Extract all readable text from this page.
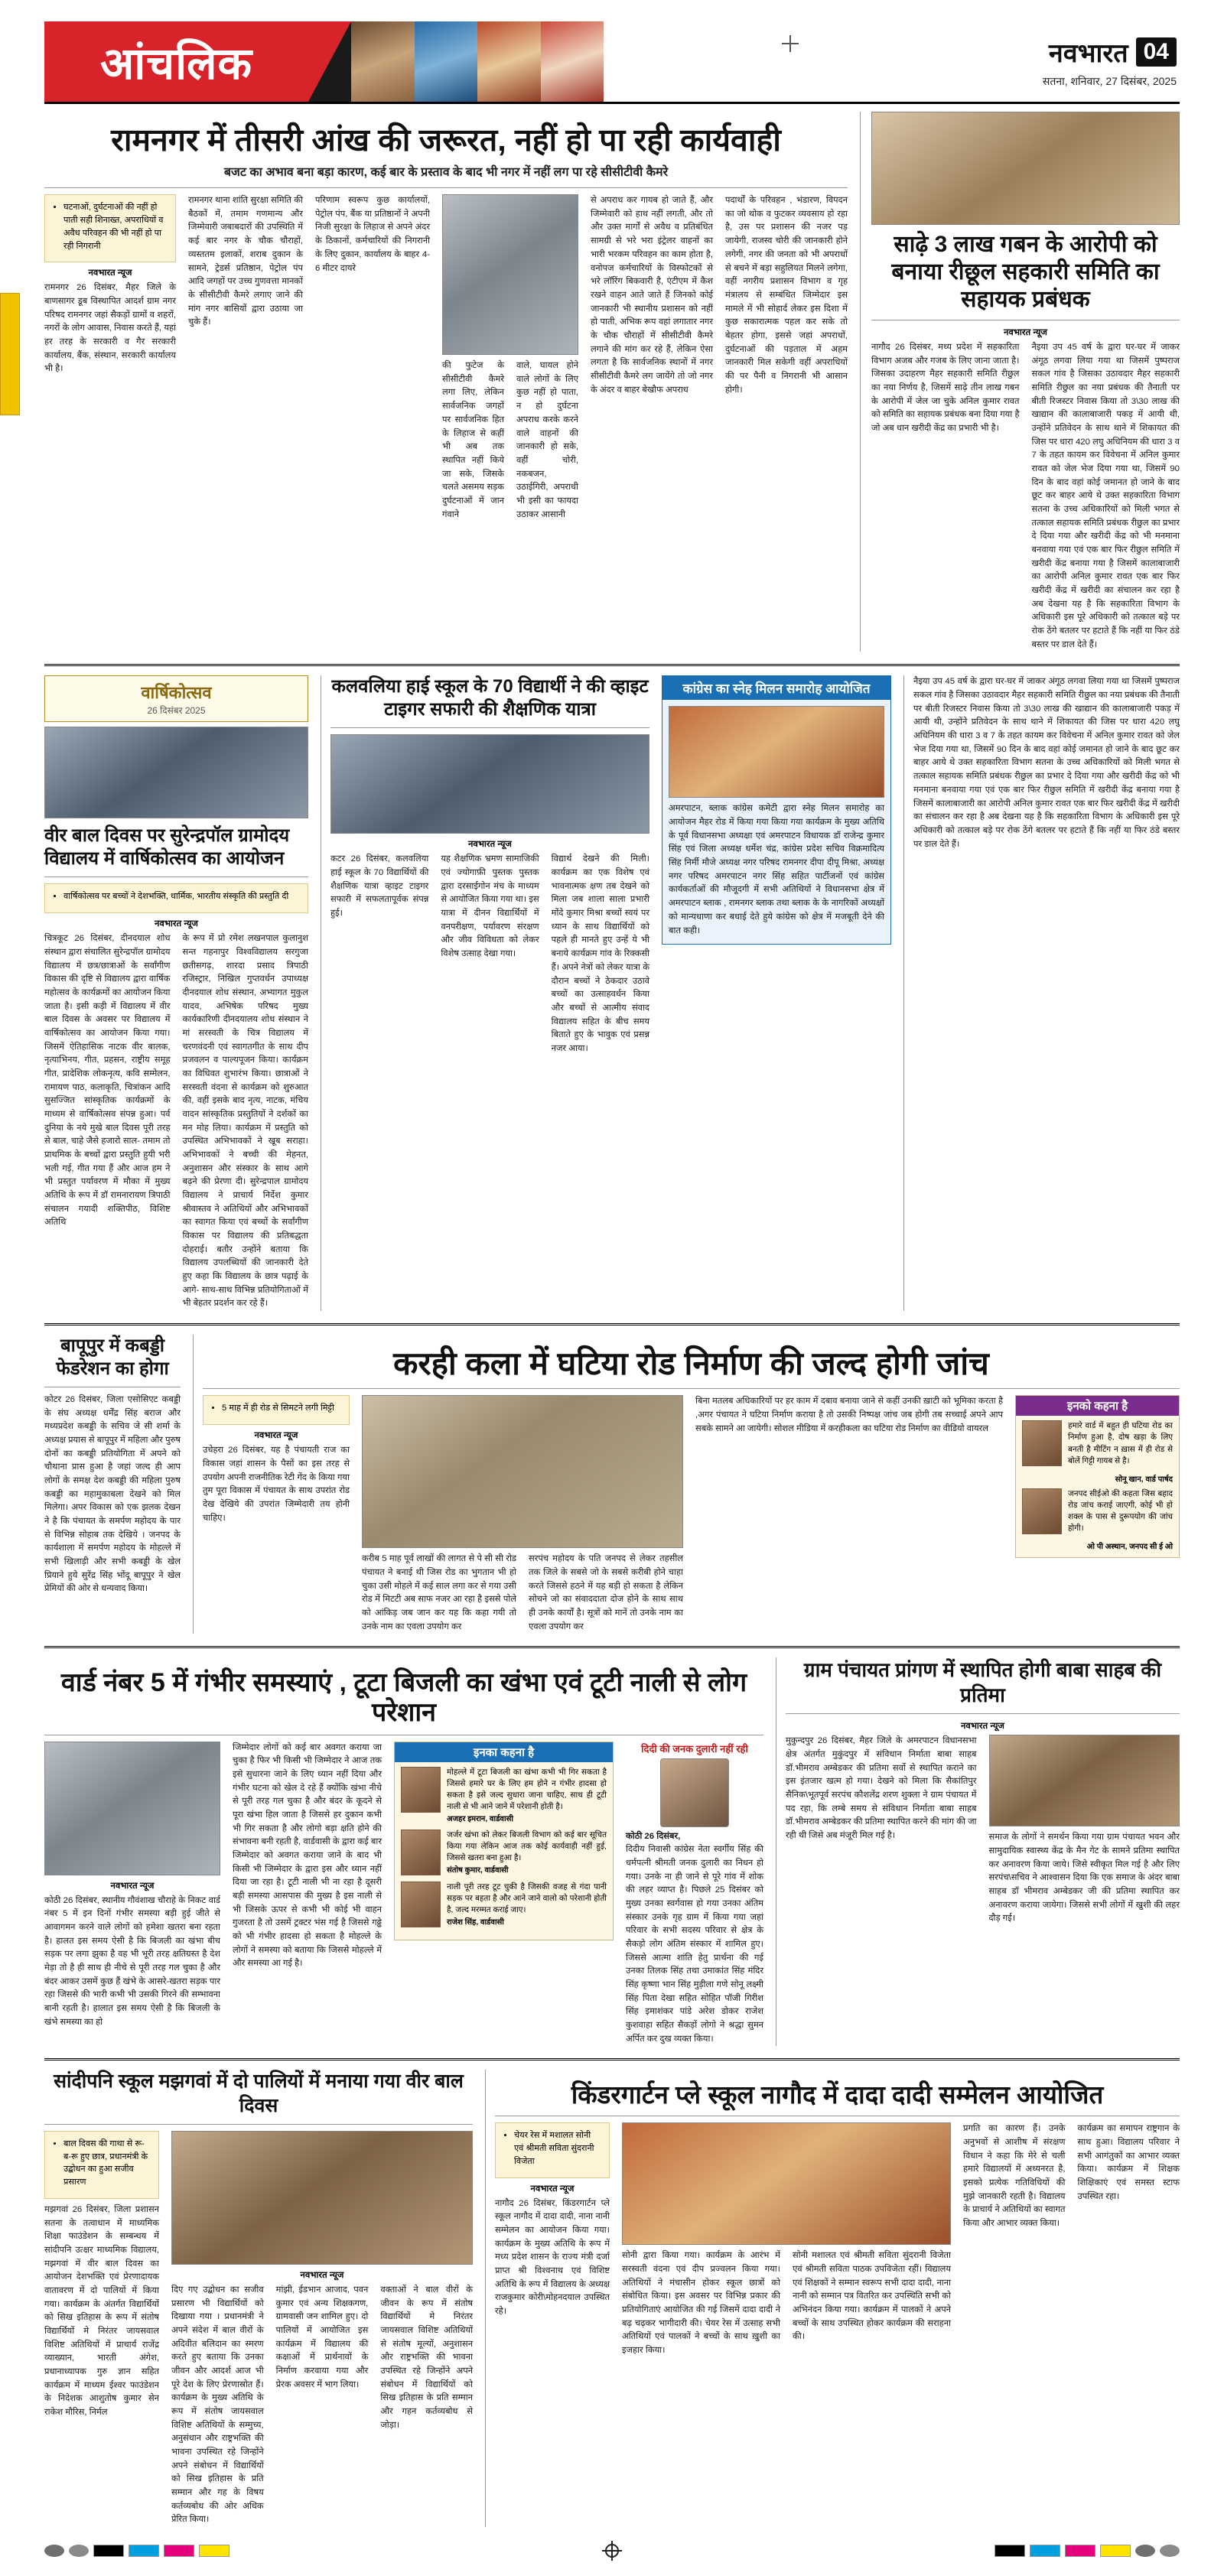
आंचलिक	नवभारत 04
सतना, शनिवार, 27 दिसंबर, 2025
रामनगर में तीसरी आंख की जरूरत, नहीं हो पा रही कार्यवाही
बजट का अभाव बना बड़ा कारण, कई बार के प्रस्ताव के बाद भी नगर में नहीं लग पा रहे सीसीटीवी कैमरे
• घटनाओं, दुर्घटनाओं की नहीं हो पाती सही शिनाख्त, अपराधियों व अवैध परिवहन की भी नहीं हो पा रही निगरानी
नवभारत न्यूज
रामनगर 26 दिसंबर, मैहर जिले के बाणसागर डूब विस्थापित आदर्श ग्राम नगर परिषद रामनगर जहां सैकड़ों ग्रामों व शहरों, नगरों के लोग आवास, निवास करते हैं, यहां हर तरह के सरकारी व गैर सरकारी कार्यालय, बैंक, संस्थान, सरकारी कार्यालय भी है।
रामनगर थाना शांति सुरक्षा समिति की बैठकों में, तमाम गणमान्य और जिम्मेवारी जबाबदारों की उपस्थिति में कई बार नगर के चौक चौराहों, व्यस्ततम इलाकों, शराब दुकान के सामने, ट्रेडर्स प्रतिष्ठान, पेट्रोल पंप आदि जगहों पर उच्च गुणवत्ता मानकों के सीसीटीवी कैमरे लगाए जाने की मांग नगर बासियों द्वारा उठाया जा चुके हैं।
परिणाम स्वरूप कुछ कार्यालयों, पेट्रोल पंप, बैंक या प्रतिष्ठानों ने अपनी निजी सुरक्षा के लिहाज से अपने अंदर के ठिकानों, कर्मचारियों की निगरानी के लिए दुकान, कार्यालय के बाहर 4-6 मीटर दायरे
की फुटेज के सीसीटीवी कैमरे लगा लिए, लेकिन सार्वजनिक जगहों पर सार्वजनिक हित के लिहाज से कहीं भी अब तक स्थापित नहीं किये जा सके, जिसके चलते असमय सड़क दुर्घटनाओं में जान गंवाने
वाले, घायल होने वाले लोगों के लिए कुछ नहीं हो पाता, न हो दुर्घटना अपराध करके करने वाले वाहनों की जानकारी हो सके, वहीं चोरी, नकबजन, उठाईगिरी, अपराधी भी इसी का फायदा उठाकर आसानी
से अपराध कर गायब हो जाते हैं, और जिम्मेवारी को हाथ नहीं लगती, और तो और उक्त मार्गों से अवैध व प्रतिबंधित सामग्री से भरे भरा इंट्रेलर वाहनों का भारी भरकम परिवहन का काम होता है, वनोपज कर्मचारियों के विस्फोटकों से भरे लाॅरिंग बिकवारी है, एंटीएम में कैश रखने वाहन आते जाते हैं जिनको कोई जानकारी भी स्थानीय प्रशासन को नहीं हो पाती, अभिक रूप वहां लगातार नगर के चौक चौराहों में सीसीटीवी कैमरे लगाने की मांग कर रहे हैं, लेकिन ऐसा लगता है कि सार्वजनिक स्थानों में नगर सीसीटीवी कैमरे लग जायेंगे तो जो नगर के अंदर व बाहर बेखौफ अपराध
पदार्थों के परिवहन , भंडारण, विपदन का जो थोक व फुटकर व्यवसाय हो रहा है, उस पर प्रशासन की नजर पड़ जायेगी, राजस्व चोरी की जानकारी होने लगेगी, नगर की जनता को भी अपराधों से बचने में बड़ा सहुलियत मिलने लगेगा, वहीं नगरीय प्रशासन विभाग व गृह मंत्रालय से सम्बंधित जिम्मेदार इस मामले में भी सोहार्द लेकर इस दिशा में कुछ सकारात्मक पहल कर सके तो बेहतर होगा, इससे जहां अपराधों, दुर्घटनाओं की पड़ताल में अहम जानकारी मिल सकेगी वहीं अपराधियों की पर पैनी व निगरानी भी आसान होगी।
साढ़े 3 लाख गबन के आरोपी को बनाया रीछूल सहकारी समिति का सहायक प्रबंधक
नवभारत न्यूज
नागौद 26 दिसंबर, मध्य प्रदेश में सहकारिता विभाग अजब और गजब के लिए जाना जाता है। जिसका उदाहरण मैहर सहकारी समिति रीछुल का नया निर्णय है, जिसमें साढ़े तीन लाख गबन के आरोपी में जेल जा चुके अनिल कुमार रावत को समिति का सहायक प्रबंधक बना दिया गया है जो अब धान खरीदी केंद्र का प्रभारी भी है।
नैइया उप 45 वर्ष के द्वारा घर-घर में जाकर अंगूठ लगवा लिया गया था जिसमें पुष्पराज सकल गांव है जिसका उठावदार मैहर सहकारी समिति रीछुल का नया प्रबंधक की तैनाती पर बीती रिजस्टर निवास किया तो 3\30 लाख की खाद्यान की कालाबाजारी पकड़ में आयी थी, उन्होंने प्रतिवेदन के साथ थाने में शिकायत की जिस पर धारा 420 लघु अधिनियम की धारा 3 व 7 के तहत कायम कर विवेचना में अनिल कुमार रावत को जेल भेज दिया गया था, जिसमें 90 दिन के बाद वहां कोई जमानत हो जाने के बाद छूट कर बाहर आये थे उक्त सहकारिता विभाग सतना के उच्च अधिकारियों को मिली भगत से तत्काल सहायक समिति प्रबंधक रीछुल का प्रभार दे दिया गया और खरीदी केंद्र को भी मनमाना बनवाया गया एवं एक बार फिर रीछुल समिति में खरीदी केंद्र बनाया गया है जिसमें कालाबाजारी का आरोपी अनिल कुमार रावत एक बार फिर खरीदी केंद्र में खरीदी का संचालन कर रहा है अब देखना यह है कि सहकारिता विभाग के अधिकारी इस पूरे अधिकारी को तत्काल बड़े पर रोक ठेंगे बतलर पर हटाते हैं कि नहीं या फिर ठंडे बस्तर पर डाल देते हैं।
वार्षिकोत्सव
26 दिसंबर 2025
वीर बाल दिवस पर सुरेन्द्रपॉल ग्रामोदय विद्यालय में वार्षिकोत्सव का आयोजन
• वार्षिकोत्सव पर बच्चों ने देशभक्ति, धार्मिक, भारतीय संस्कृति की प्रस्तुति दी
नवभारत न्यूज
चित्रकूट 26 दिसंबर, दीनदयाल शोध संस्थान द्वारा संचालित सुरेन्द्रपॉल ग्रामोदय विद्यालय में छत्र/छात्राओं के सर्वांगीण विकास की दृष्टि से विद्यालय द्वारा वार्षिक महोत्सव के कार्यक्रमों का आयोजन किया जाता है। इसी कड़ी में विद्यालय में वीर बाल दिवस के अवसर पर विद्यालय में वार्षिकोत्सव का आयोजन किया गया। जिसमें ऐतिहासिक नाटक वीर बालक, नृत्याभिनय, गीत, प्रहसन, राष्ट्रीय समूह गीत, प्रादेशिक लोकनृत्य, कवि सम्मेलन, रामायण पाठ, कलाकृति, चित्रांकन आदि सुसज्जित सांस्कृतिक कार्यक्रमों के माध्यम से वार्षिकोत्सव संपन्न हुआ। पर्व दुनिया के नये मुखे बाल दिवस पूरी तरह से बाल, चाहे जैसे हजारो साल- तमाम तो प्राथमिक के बच्चों द्वारा प्रस्तुति हुयी भरी भली गई, गीत गया हैं और आज हम ने भी प्रस्तुत पर्यावरण में मौका में मुख्य अतिथि के रूप में डॉ रामनारायण त्रिपाठी संचालन गयादी शक्तिपीठ, विशिष्ट अतिथि
के रूप में प्रो रमेश लखनपाल कुलानुश सन्त गहनापुर विश्वविद्यालय सरगुजा छतीसगढ़, शारदा प्रसाद त्रिपाठी रजिस्ट्रार, निखिल गुप्तवर्धन उपाध्यक्ष दीनदयाल शोध संस्थान, अभ्यागत मुकुल यादव, अभिषेक परिषद मुख्य कार्यकारिणी दीनदयालय शोध संस्थान ने मां सरस्वती के चित्र विद्यालय में चरणवंदनी एवं स्वागतगीत के साथ दीप प्रजवलन व पाल्यपूजन किया। कार्यक्रम का विधिवत शुभारंभ किया। छात्राओं ने सरस्वती वंदना से कार्यक्रम को शुरुआत की, वहीं इसके बाद नृत्य, नाटक, मंचिय वादन सांस्कृतिक प्रस्तुतियों ने दर्शकों का मन मोह लिया। कार्यक्रम में प्रस्तुति को उपस्थित अभिभावकों ने खूब सराहा। अभिभावकों ने बच्ची की मेहनत, अनुशासन और संस्कार के साथ आगे बढ़ने की प्रेरणा दी। सुरेन्द्रपाल ग्रामोदय विद्यालय ने प्राचार्य निर्देश कुमार श्रीवास्तव ने अतिथियों और अभिभावकों का स्वागत किया एवं बच्चों के सर्वांगीण विकास पर विद्यालय की प्रतिबद्धता दोहराई। बतौर उन्होंने बताया कि विद्यालय उपलब्धियों की जानकारी देते हुए कहा कि विद्यालय के छात्र पढ़ाई के आगे- साथ-साथ विभिन्न प्रतियोगिताओं में भी बेहतर प्रदर्शन कर रहे हैं।
कलवलिया हाई स्कूल के 70 विद्यार्थी ने की व्हाइट टाइगर सफारी की शैक्षणिक यात्रा
नवभारत न्यूज
कटर 26 दिसंबर, कलवलिया हाई स्कूल के 70 विद्यार्थियों की शैक्षणिक यात्रा व्हाइट टाइगर सफारी में सफलतापूर्वक संपन्न हुई।
यह शैक्षणिक भ्रमण सामाजिकी एवं ज्योगाफ़ी पुस्तक पुस्तक द्वारा दरसाईगोन मंच के माध्यम से आयोजित किया गया था। इस यात्रा में दीनन विद्यार्थियों में वनपरीक्षण, पर्यावरण संरक्षण और जीव विविधता को लेकर विशेष उत्साह देखा गया।
विद्यार्थ देखने की मिली। कार्यक्रम का एक विशेष एवं भावनात्मक क्षण तब देखने को मिला जब शाला साला प्रभारी मोंदे कुमार मिश्रा बच्चों स्वयं पर ध्यान के साथ विद्यार्थियों को पहले ही मानते हुए उन्हें ये भी बनाये कार्यक्रम गांव के रिक्कसी हैं। अपने नेत्रों को लेकर यात्रा के दौरान बच्चों ने ठेकदार उठावे बच्चों का उत्साहवर्धन किया और बच्चों से आत्मीय संवाद विद्यालय सहित के बीच समय बिताते हुए के भावुक एवं प्रसन्न नजर आया।
कांग्रेस का स्नेह मिलन समारोह आयोजित
अमरपाटन, ब्लाक कांग्रेस कमेटी द्वारा स्नेह मिलन समारोह का आयोजन मैहर रोड में किया गया किया गया कार्यक्रम के मुख्य अतिथि के पूर्व विधानसभा अध्यक्षा एवं अमरपाटन विधायक डॉ राजेन्द्र कुमार सिंह एवं जिला अध्यक्ष धर्मेश चंद्र, कांग्रेस प्रदेश सचिव विक्रमादित्य सिंह निर्मी मौजे अध्यक्ष नगर परिषद रामनगर दीपा दीपू मिश्रा, अध्यक्ष नगर परिषद अमरपाटन नगर सिंह सहित पार्टीजनों एवं कांग्रेस कार्यकर्ताओं की मौजूदगी में सभी अतिथियों ने विधानसभा क्षेत्र में अमरपाटन ब्लाक , रामनगर ब्लाक तथा ब्लाक के के नागरिकों अध्यक्षों को मान्यधाणा कर बधाई देते हुये कांग्रेस को क्षेत्र में मजबूती देने की बात कही।
नैइया उप 45 वर्ष के द्वारा घर-घर में जाकर अंगूठ लगवा लिया गया था जिसमें पुष्पराज सकल गांव है जिसका उठावदार मैहर सहकारी समिति रीछुल का नया प्रबंधक की तैनाती पर बीती रिजस्टर निवास किया तो 3\30 लाख की खाद्यान की कालाबाजारी पकड़ में आयी थी, उन्होंने प्रतिवेदन के साथ थाने में शिकायत की जिस पर धारा 420 लघु अधिनियम की धारा 3 व 7 के तहत कायम कर विवेचना में अनिल कुमार रावत को जेल भेज दिया गया था, जिसमें 90 दिन के बाद वहां कोई जमानत हो जाने के बाद छूट कर बाहर आये थे उक्त सहकारिता विभाग सतना के उच्च अधिकारियों को मिली भगत से तत्काल सहायक समिति प्रबंधक रीछुल का प्रभार दे दिया गया और खरीदी केंद्र को भी मनमाना बनवाया गया एवं एक बार फिर रीछुल समिति में खरीदी केंद्र बनाया गया है जिसमें कालाबाजारी का आरोपी अनिल कुमार रावत एक बार फिर खरीदी केंद्र में खरीदी का संचालन कर रहा है अब देखना यह है कि सहकारिता विभाग के अधिकारी इस पूरे अधिकारी को तत्काल बड़े पर रोक ठेंगे बतलर पर हटाते हैं कि नहीं या फिर ठंडे बस्तर पर डाल देते हैं।
बापूपुर में कबड्डी फेडरेशन का होगा
कोटर 26 दिसंबर, जिला एसोसिएट कबड्डी के संघ अध्यक्ष धर्मेंद्र सिंह बराज और मध्यप्रदेश कबड्डी के सचिव जे सी शर्मा के अध्यक्ष प्रयास से बापूपुर में महिला और पुरुष दोनों का कबड्डी प्रतियोगिता में अपने को चौथाना प्रास हुआ है जहां जल्द ही आप लोगों के समक्ष देश कबड्डी की महिला पुरुष कबड्डी का महामुकाबला देखने को मिल मिलेगा। अपर विकास को एक झलक देखन ने है कि पंचायत के समर्पण महोदय के पार से विभिन्न सोहाब तक देखिये । जनपद के कार्यशाला में समर्पण महोदय के मोहल्ले में सभी खिलाड़ी और सभी कबड्डी के खेल प्रियाने हुये सुरेंद्र सिंह भोंदू बापूपुर ने खेल प्रेमियों की ओर से धन्यवाद किया।
करही कला में घटिया रोड निर्माण की जल्द होगी जांच
• 5 माह में ही रोड से सिमटने लगी मिट्टी
नवभारत न्यूज
उचेहरा 26 दिसंबर, यह है पंचायती राज का विकास जहां शासन के पैसों का इस तरह से उपयोग अपनी राजनीतिक रेटी गेंद के किया गया तुम पूरा विकास में पंचायत के साथ उपरांत रोड देख देखिये की उपरांत जिम्मेदारी तय होनी चाहिए।
करीब 5 माह पूर्व लाखों की लागत से पे सी सी रोड पंचायत ने बनाई थी जिस रोड का भुगतान भी हो चुका उसी मोहले में कई साल लगा कर से गया उसी रोड में मिटटी अब साफ नजर आ रहा है इससे पोले को आंकिड़ जब जान कर यह कि कहा गयी तो उनके नाम का एवला उपयोग कर
सरपंच महोदय के पति जनपद से लेकर तहसील तक जिले के सबसे जो के सबसे करीबी होने चाहा करते जिससे हठने में यह बड़ी हो सकता है लेकिन सोचने जो का संवाददाता दोज होने के साथ साथ ही उनके कार्यों है। सूत्रों को मानें तो उनके नाम का एवला उपयोग कर
बिना मतलब अधिकारियों पर हर काम में दबाव बनाया जाने से कहीं उनकी ख़ाटी को भूमिका करता है ,अगर पंचायत ने घटिया निर्माण कराया है तो उसकी निष्पक्ष जांच जब होगी तब सच्चाई अपने आप सबके सामने आ जायेगी। सोशल मीडिया में करहीकला का घटिया रोड निर्माण का वीडियो वायरल
इनको कहना है
हमारे वार्ड में बहुत ही घटिया रोड का निर्माण हुआ है, दोष खड़ा के लिए बनती है मीटिंग न ख़ास में ही रोड से बोलें गिट्टी गायब से है।
सोनू खान, वार्ड पार्षद
जनपद सीईओ की कहता जिस बहाद रोड जांच कराई जाएगी, कोई भी हो शक्ल के पास से दुरूपयोग की जांच होगी।
ओ पी अस्थान, जनपद सी ई ओ
वार्ड नंबर 5 में गंभीर समस्याएं , टूटा बिजली का खंभा एवं टूटी नाली से लोग परेशान
नवभारत न्यूज
कोठी 26 दिसंबर, स्थानीय गौवंशाख चौराहे के निकट वार्ड नंबर 5 में इन दिनों गंभीर समस्या बड़ी हुई जीते से आवागमन करने वाले लोगों को हमेशा खतरा बना रहता है। हालत इस समय ऐसी है कि बिजली का खंभा बीच सड़क पर लगा झुका है वह भी भूरी तरह क्षतिग्रस्त है देश मेड़ा तो है ही साथ ही नीचे से पूरी तरह गल चुका है और बंदर आकर उसमें कुछ हैं खंभे के आसरे-खतरा सड़क पार रहा जिससे की भारी कभी भी उसकी गिरने की सम्भावना बानी रहती है। हालात इस समय ऐसी है कि बिजली के खंभे समस्या का हो
जिम्मेदार लोगों को कई बार अवगत कराया जा चुका है फिर भी किसी भी जिम्मेदार ने आज तक इसे सुधारना जाने के लिए ध्यान नहीं दिया और गंभीर घटना को खेल दे रहे हैं क्योंकि खंभा नीचे से पूरी तरह गल चुका है और बंदर के कूदने से पूरा खंभा हिल जाता है जिससे हर दुकान कभी भी गिर सकता है और लोगो बड़ा क्षति होने की संभावना बनी रहती है, वार्डवासी के द्वारा कई बार जिम्मेदार को अवगत कराया जाने के बाद भी किसी भी जिम्मेदार के द्वारा इस और ध्यान नहीं दिया जा रहा है। टूटी नाली भी ना रहा है दूसरी बड़ी समस्या आसपास की मुख्य है इस नाली से भी जिसके ऊपर से कभी भी कोई भी वाहन गुजरता है तो उसमें ट्रक्टर भंस गई है जिससे गढ्ढे को भी गंभीर हादसा हो सकता है मोहल्ले के लोगों ने समस्या को बताया कि जिससे मोहल्ले में और समस्या आ गई है।
इनका कहना है
मोहल्ले में टूटा बिजली का खंभा कभी भी गिर सकता है जिससे हमारे घर के लिए हम होने न गंभीर हादसा हो सकता है इसे जल्द सुधारा जाना चाहिए, साथ ही टूटी नाली से भी आने जाने में परेशानी होती है।
अजहर इमरान, वार्डवासी
जर्जर खंभा को लेकर बिजली विभाग को कई बार सूचित किया गया लेकिन आज तक कोई कार्यवाही नहीं हुई, जिससे खतरा बना हुआ है।
संतोष कुमार, वार्डवासी
नाली पूरी तरह टूट चुकी है जिसकी वजह से गंदा पानी सड़क पर बहता है और आने जाने वालो को परेशानी होती है, जल्द मरम्मत कराई जाए।
राजेश सिंह, वार्डवासी
दिदी की जनक दुलारी नहीं रही
कोठी 26 दिसंबर,
दिदीय निवासी कांग्रेस नेता स्वर्गीय सिंह की धर्मपत्नी श्रीमती जनक दुलारी का निधन हो गया। उनके ना ही जाने से पूरे गांव में शोक की लहर व्याप्त है। पिछले 25 दिसंबर को मुख्य उनका स्वर्गवास हो गया उनका अंतिम संस्कार उनके गृह ग्राम में किया गया जहां परिवार के सभी सदस्य परिवार से क्षेत्र के सैकड़ो लोग अंतिम संस्कार में शामिल हुए। जिससे आत्मा शांति हेतु प्रार्थना की गई उनका तिलक सिंह तथा उमाकांत सिंह मंदिर सिंह कृष्णा भान सिंह मुड़ीला गणे सोनू लक्ष्मी सिंह पिता देखा सहित सोहित पॉजी गिरीश सिंह इमाशंकर पांडे अरेश डोकर राजेश कुशवाहा सहित सैकड़ों लोगो ने श्रद्धा सुमन अर्पित कर दुख व्यक्त किया।
ग्राम पंचायत प्रांगण में स्थापित होगी बाबा साहब की प्रतिमा
नवभारत न्यूज
मुकुन्दपुर 26 दिसंबर, मैहर जिले के अमरपाटन विधानसभा क्षेत्र अंतर्गत मुकुंदपुर में संविधान निर्माता बाबा साहब डॉ.भीमराव अम्बेडकर की प्रतिमा सर्वो से स्थापित कराने का इस इंतजार खत्म हो गया। देखने को मिला कि सैकांतिपुर सैनिक\भूतपूर्व सरपंच कौशलेंद्र शरण शुक्ला ने ग्राम पंचायत में पद रहा, कि लम्बे समय से संविधान निर्माता बाबा साहब डॉ.भीमराव अम्बेडकर की प्रतिमा स्थापित करने की मांग की जा रही थी जिसे अब मंजूरी मिल गई है।	समाज के लोगों ने समर्थन किया गया ग्राम पंचायत भवन और सामुदायिक स्वास्थ्य केंद्र के मैन गेट के सामने प्रतिमा स्थापित कर अनावरण किया जाये। जिसे स्वीकृत मिल गई है और लिए सरपंच\सचिव ने आश्वासन दिया कि एक समाज के अंदर बाबा साहब डॉ भीमराव अम्बेडकर जी की प्रतिमा स्थापित कर अनावरण कराया जायेगा। जिससे सभी लोगों में खुशी की लहर दौड़ गई।
सांदीपनि स्कूल मझगवां में दो पालियों में मनाया गया वीर बाल दिवस
• बाल दिवस की गाथा से रू-ब-रू हुए छात्र, प्रधानमंत्री के उद्बोधन का हुआ सजीव प्रसारण
मझगवां 26 दिसंबर, जिला प्रशासन सतना के तत्वाधान में माध्यमिक शिक्षा फाउंडेशन के सम्बन्धय में सांदीपनि उत्क्षर माध्यमिक विद्यालय, मझगवां में वीर बाल दिवस का आयोजन देशभक्ति एवं प्रेरणादायक वातावरण में दो पालियों में किया गया। कार्यक्रम के अंतर्गत विद्यार्थियों को सिख इतिहास के रूप में संतोष विद्यार्थियों मे निरंतर जायसवाल विशिष्ट अतिथियों में प्राचार्य राजेंद्र व्याख्यान, भारती अंगेश, प्रधानाध्यापक गुरु ज्ञान सहित कार्यक्रम में माध्यम ईश्वर फाउंडेशन के निदेशक आशुतोष कुमार सेन राकेश मौरिस, निर्मल
नवभारत न्यूज
दिए गए उद्बोधन का सजीव प्रसारण भी विद्यार्थियों को दिखाया गया । प्रधानमंत्री ने अपने संदेश में बाल वीरों के अदिवीत बलिदान का स्मरण करते हुए बताया कि उनका जीवन और आदर्श आज भी पूरे देश के लिए प्रेरणास्रोत हैं। कार्यक्रम के मुख्य अतिथि के रूप में संतोष जायसवाल विशिष्ट अतिथियों के सम्मुच्य, अनुसंधान और राष्ट्रभक्ति की भावना उपस्थित रहे जिन्होंने अपने संबोधन में विद्यार्थियों को सिख इतिहास के प्रति सम्मान और गह के विषय कर्तव्यबोध की ओर अधिक प्रेरित किया।
मांझी, ईडभान आजाद, पवन कुमार एवं अन्य शिक्षकगण, ग्रामवासी जन शामिल हुए। दो पालियों में आयोजित इस कार्यक्रम में विद्यालय की कक्षाओं में प्रार्थनावों के निर्माण करवाया गया और प्रेरक अवसर में भाग लिया।
वक्ताओं ने बाल वीरों के जीवन के रूप में संतोष विद्यार्थियों मे निरंतर जायसवाल विशिष्ट अतिथियों से संतोष मूल्यों, अनुशासन और राष्ट्रभक्ति की भावना उपस्थित रहे जिन्होंने अपने संबोधन में विद्यार्थियों को सिख इतिहास के प्रति सम्मान और गहन कर्तव्यबोध से जोड़ा।
किंडरगार्टन प्ले स्कूल नागौद में दादा दादी सम्मेलन आयोजित
• चेयर रेस में मशालत सोनी एवं श्रीमती सविता सुंदरानी विजेता
नवभारत न्यूज
नागौद 26 दिसंबर, किंडरगार्टन प्ले स्कूल नागौद में दादा दादी, नाना नानी सम्मेलन का आयोजन किया गया। कार्यक्रम के मुख्य अतिथि के रूप में मध्य प्रदेश शासन के राज्य मंत्री दर्जा प्राप्त श्री विश्वनाथ एवं विशिष्ट अतिथि के रूप में विद्यालय के अध्यक्ष राजकुमार कोरी\मोहनदयाल उपस्थित रहे।
सोनी द्वारा किया गया। कार्यक्रम के आरंभ में सरस्वती वंदना एवं दीप प्रज्वलन किया गया। अतिथियों ने मंचासीन होकर स्कूल छात्रों को संबोधित किया। इस अवसर पर विभिन्न प्रकार की प्रतियोगिताएं आयोजित की गई जिसमें दादा दादी ने बढ़ चढ़कर भागीदारी की। चेयर रेस में उत्साह सभी अतिथियों एवं पालकों ने बच्चों के साथ ख़ुशी का इजहार किया।
सोनी मशालत एवं श्रीमती सविता सुंदरानी विजेता एवं श्रीमती सविता पाठक उपविजेता रहीं। विद्यालय एवं शिक्षकों ने सम्मान स्वरूप सभी दादा दादी, नाना नानी को सम्मान पत्र वितरित कर उपस्थिति सभी को अभिनंदन किया गया। कार्यक्रम में पालकों ने अपने बच्चों के साथ उपस्थित होकर कार्यक्रम की सराहना की।
प्रगति का कारण हैं। उनके अनुभवों से आशीष में संरक्षण विधान ने कहा कि मेरे से चली हमारे विद्यालयों में अध्यनरत है, इसको प्रत्येक गतिविधियों की मुझे जानकारी रहती है। विद्यालय के प्राचार्य ने अतिथियों का स्वागत किया और आभार व्यक्त किया।
कार्यक्रम का समापन राष्ट्रगान के साथ हुआ। विद्यालय परिवार ने सभी आगंतुकों का आभार व्यक्त किया। कार्यक्रम में शिक्षक शिक्षिकाएं एवं समस्त स्टाफ उपस्थित रहा।
